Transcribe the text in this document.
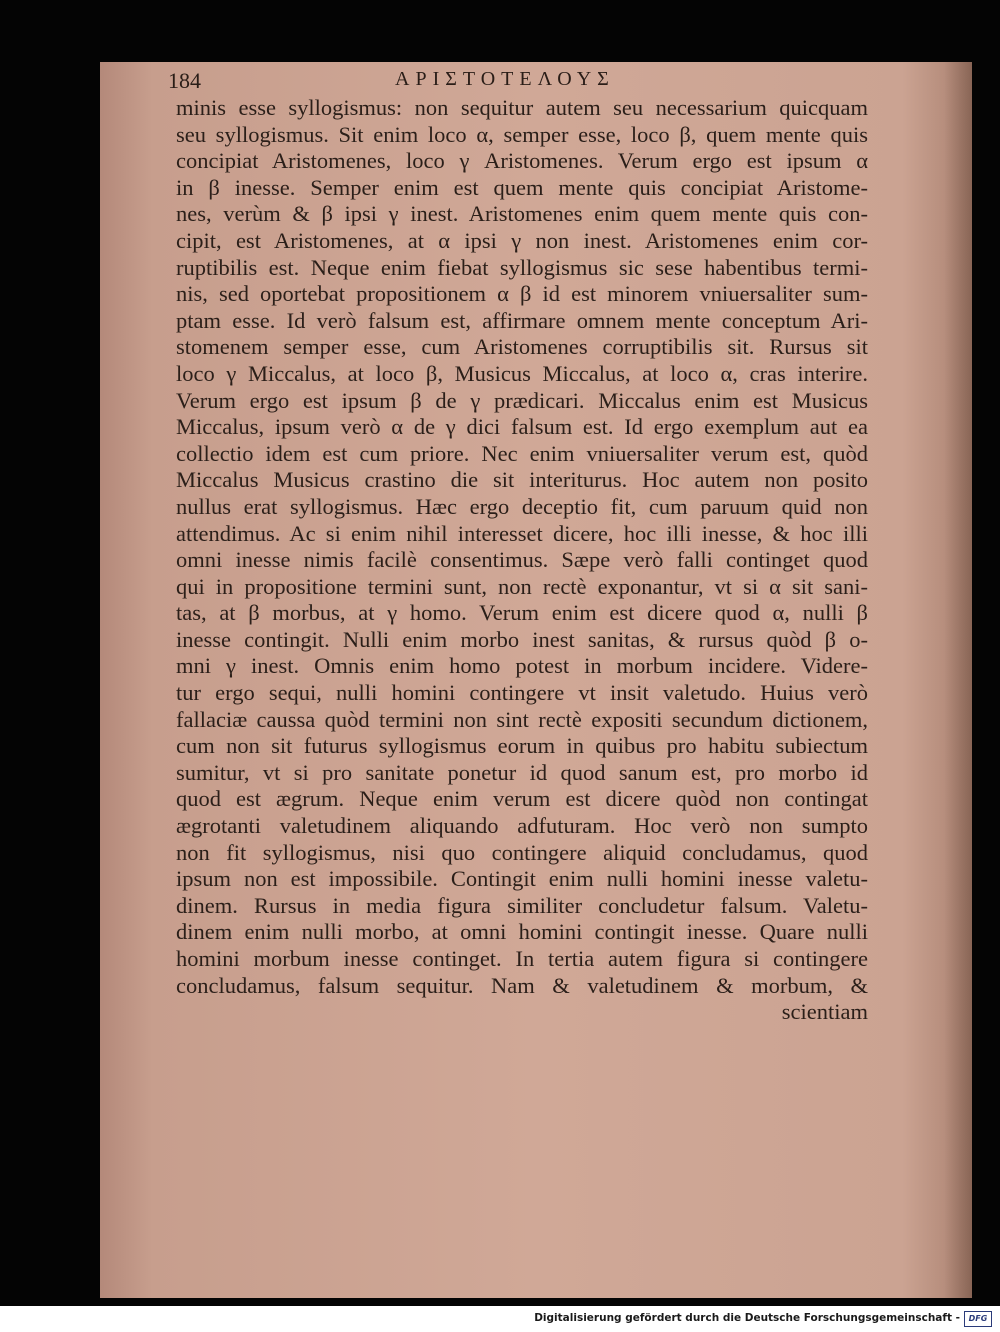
184	ΑΡΙΣΤΟΤΕΛΟΥΣ
minis esse syllogismus: non sequitur autem seu necessarium quicquam
seu syllogismus. Sit enim loco α, semper esse, loco β, quem mente quis
concipiat Aristomenes, loco γ Aristomenes. Verum ergo est ipsum α
in β inesse. Semper enim est quem mente quis concipiat Aristome-
nes, verùm & β ipsi γ inest. Aristomenes enim quem mente quis con-
cipit, est Aristomenes, at α ipsi γ non inest. Aristomenes enim cor-
ruptibilis est. Neque enim fiebat syllogismus sic sese habentibus termi-
nis, sed oportebat propositionem α β id est minorem vniuersaliter sum-
ptam esse. Id verò falsum est, affirmare omnem mente conceptum Ari-
stomenem semper esse, cum Aristomenes corruptibilis sit. Rursus sit
loco γ Miccalus, at loco β, Musicus Miccalus, at loco α, cras interire.
Verum ergo est ipsum β de γ prædicari. Miccalus enim est Musicus
Miccalus, ipsum verò α de γ dici falsum est. Id ergo exemplum aut ea
collectio idem est cum priore. Nec enim vniuersaliter verum est, quòd
Miccalus Musicus crastino die sit interiturus. Hoc autem non posito
nullus erat syllogismus. Hæc ergo deceptio fit, cum paruum quid non
attendimus. Ac si enim nihil interesset dicere, hoc illi inesse, & hoc illi
omni inesse nimis facilè consentimus. Sæpe verò falli continget quod
qui in propositione termini sunt, non rectè exponantur, vt si α sit sani-
tas, at β morbus, at γ homo. Verum enim est dicere quod α, nulli β
inesse contingit. Nulli enim morbo inest sanitas, & rursus quòd β o-
mni γ inest. Omnis enim homo potest in morbum incidere. Videre-
tur ergo sequi, nulli homini contingere vt insit valetudo. Huius verò
fallaciæ caussa quòd termini non sint rectè expositi secundum dictionem,
cum non sit futurus syllogismus eorum in quibus pro habitu subiectum
sumitur, vt si pro sanitate ponetur id quod sanum est, pro morbo id
quod est ægrum. Neque enim verum est dicere quòd non contingat
ægrotanti valetudinem aliquando adfuturam. Hoc verò non sumpto
non fit syllogismus, nisi quo contingere aliquid concludamus, quod
ipsum non est impossibile. Contingit enim nulli homini inesse valetu-
dinem. Rursus in media figura similiter concludetur falsum. Valetu-
dinem enim nulli morbo, at omni homini contingit inesse. Quare nulli
homini morbum inesse continget. In tertia autem figura si contingere
concludamus, falsum sequitur. Nam & valetudinem & morbum, &
scientiam
Digitalisierung gefördert durch die Deutsche Forschungsgemeinschaft -	DFG
